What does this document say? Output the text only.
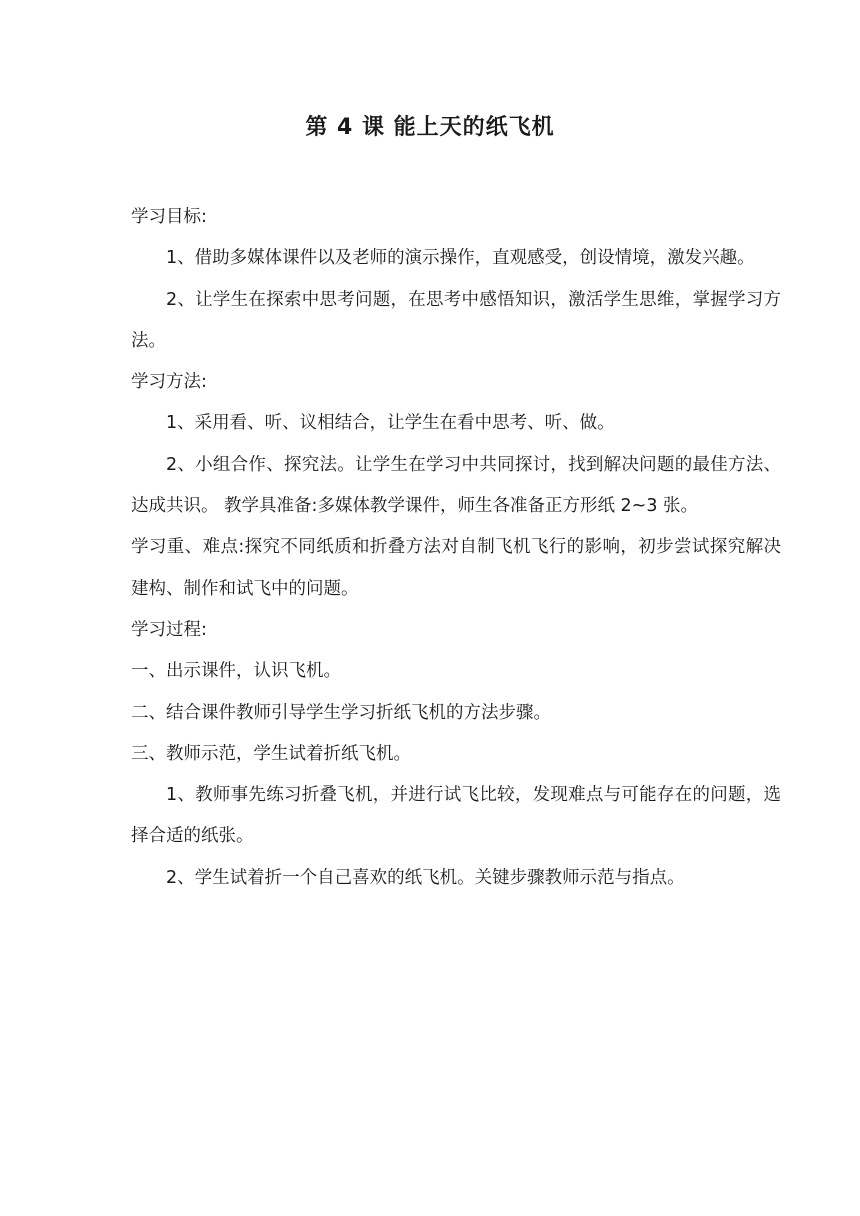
第 4 课 能上天的纸飞机

学习目标:

1、借助多媒体课件以及老师的演示操作，直观感受，创设情境，激发兴趣。

2、让学生在探索中思考问题，在思考中感悟知识，激活学生思维，掌握学习方法。

学习方法:

1、采用看、听、议相结合，让学生在看中思考、听、做。

2、小组合作、探究法。让学生在学习中共同探讨，找到解决问题的最佳方法、达成共识。 教学具准备:多媒体教学课件，师生各准备正方形纸 2~3 张。

学习重、难点:探究不同纸质和折叠方法对自制飞机飞行的影响，初步尝试探究解决建构、制作和试飞中的问题。

学习过程:

一、出示课件，认识飞机。

二、结合课件教师引导学生学习折纸飞机的方法步骤。

三、教师示范，学生试着折纸飞机。

1、教师事先练习折叠飞机，并进行试飞比较，发现难点与可能存在的问题，选择合适的纸张。

2、学生试着折一个自己喜欢的纸飞机。关键步骤教师示范与指点。
